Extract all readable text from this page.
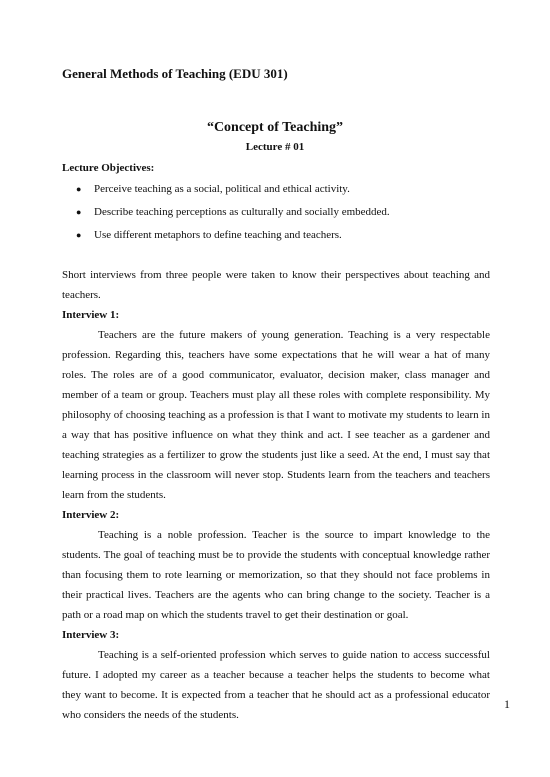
General Methods of Teaching (EDU 301)

“Concept of Teaching”

Lecture # 01

Lecture Objectives:

● Perceive teaching as a social, political and ethical activity.
● Describe teaching perceptions as culturally and socially embedded.
● Use different metaphors to define teaching and teachers.

Short interviews from three people were taken to know their perspectives about teaching and teachers.

Interview 1:

Teachers are the future makers of young generation. Teaching is a very respectable profession. Regarding this, teachers have some expectations that he will wear a hat of many roles. The roles are of a good communicator, evaluator, decision maker, class manager and member of a team or group. Teachers must play all these roles with complete responsibility. My philosophy of choosing teaching as a profession is that I want to motivate my students to learn in a way that has positive influence on what they think and act. I see teacher as a gardener and teaching strategies as a fertilizer to grow the students just like a seed. At the end, I must say that learning process in the classroom will never stop. Students learn from the teachers and teachers learn from the students.

Interview 2:

Teaching is a noble profession. Teacher is the source to impart knowledge to the students. The goal of teaching must be to provide the students with conceptual knowledge rather than focusing them to rote learning or memorization, so that they should not face problems in their practical lives. Teachers are the agents who can bring change to the society. Teacher is a path or a road map on which the students travel to get their destination or goal.

Interview 3:

Teaching is a self-oriented profession which serves to guide nation to access successful future. I adopted my career as a teacher because a teacher helps the students to become what they want to become. It is expected from a teacher that he should act as a professional educator who considers the needs of the students.

1
